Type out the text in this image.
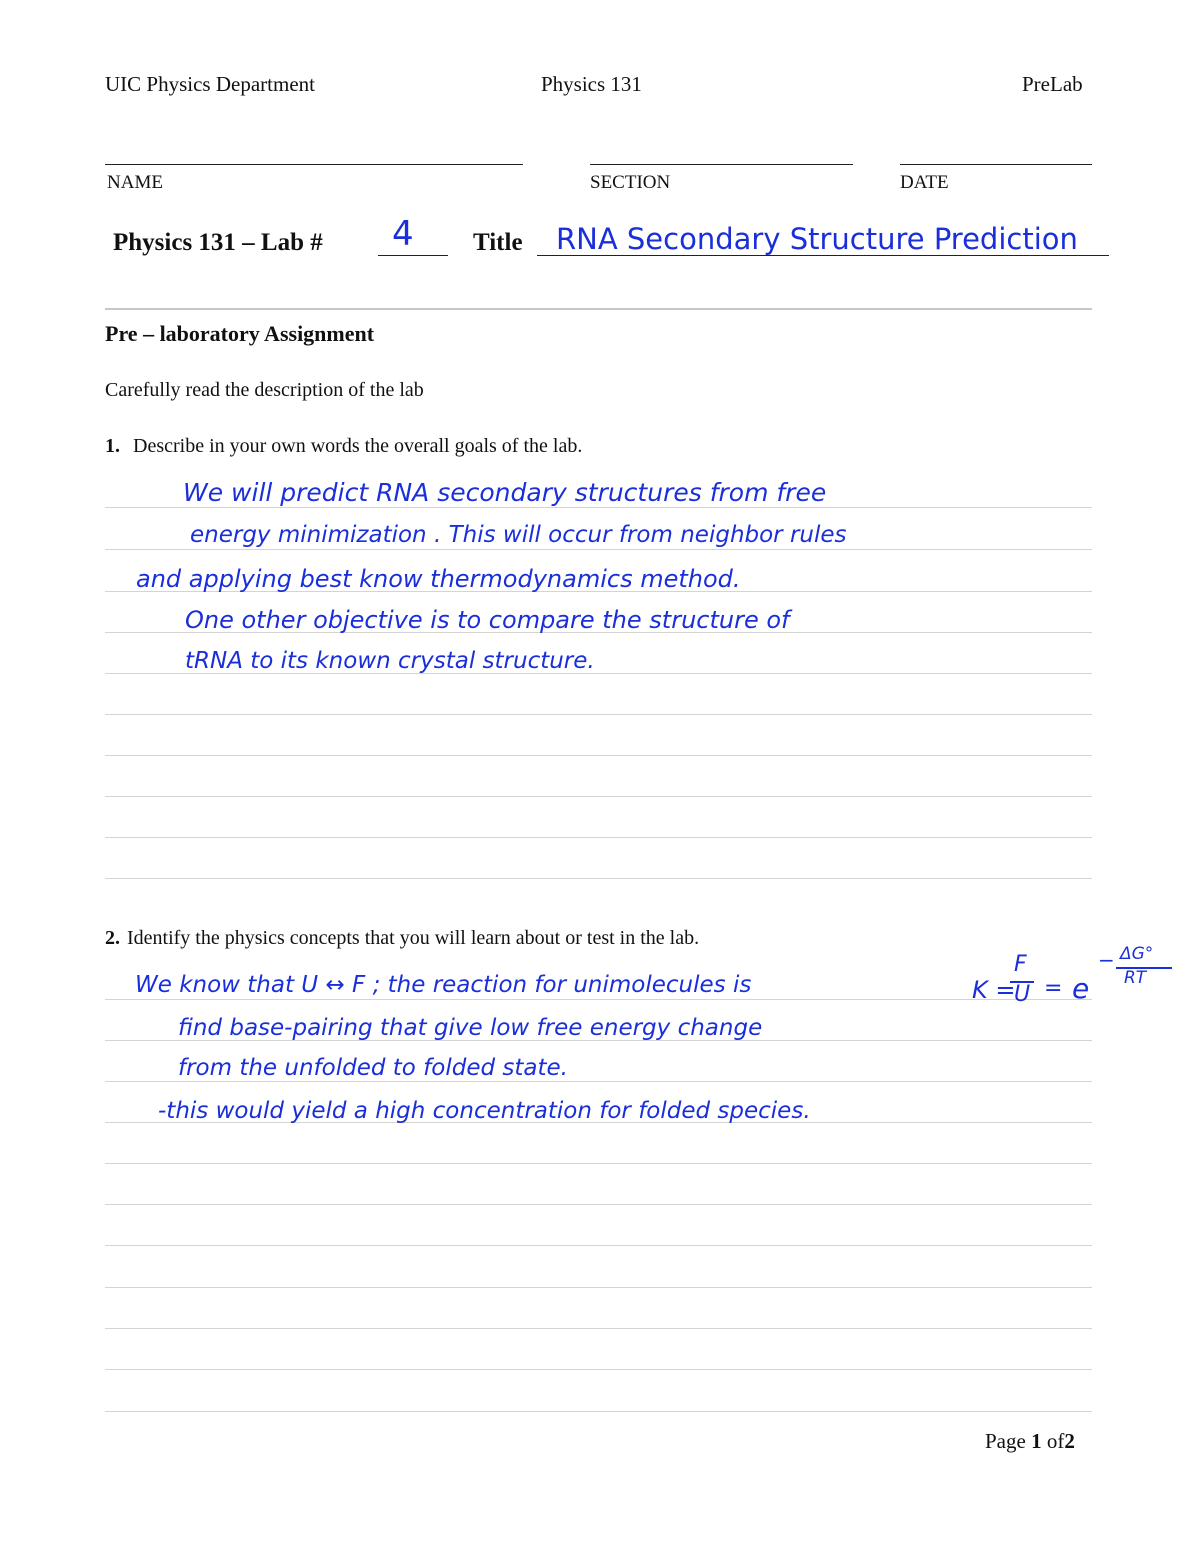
UIC Physics Department	Physics 131	PreLab
NAME	SECTION	DATE
Physics 131 – Lab # 4 Title RNA Secondary Structure Prediction
Pre – laboratory Assignment
Carefully read the description of the lab
1. Describe in your own words the overall goals of the lab.
We will predict RNA secondary structures from free
energy minimization . This will occur from neighbor rules
and applying best know thermodynamics method.
One other objective is to compare the structure of
tRNA to its known crystal structure.
2. Identify the physics concepts that you will learn about or test in the lab.
We know that U ↔ F ; the reaction for unimolecules is	K =
F
U = e
− ΔG°
RT
find base-pairing that give low free energy change
from the unfolded to folded state.
-this would yield a high concentration for folded species.
Page 1 of2
